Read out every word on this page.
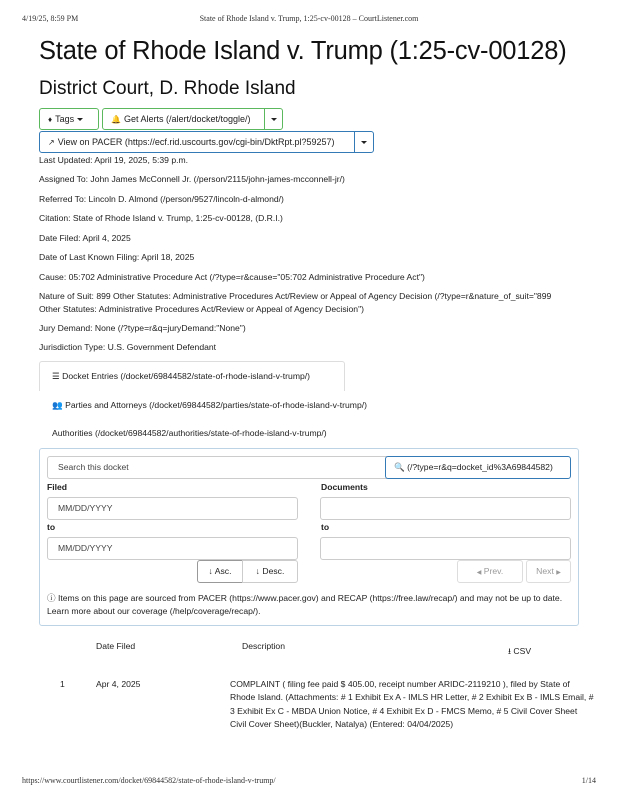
4/19/25, 8:59 PM	State of Rhode Island v. Trump, 1:25-cv-00128 – CourtListener.com
State of Rhode Island v. Trump (1:25-cv-00128)
District Court, D. Rhode Island
♦ Tags	🔔 Get Alerts (/alert/docket/toggle/)
↗ View on PACER (https://ecf.rid.uscourts.gov/cgi-bin/DktRpt.pl?59257)
Last Updated: April 19, 2025, 5:39 p.m.
Assigned To: John James McConnell Jr. (/person/2115/john-james-mcconnell-jr/)
Referred To: Lincoln D. Almond (/person/9527/lincoln-d-almond/)
Citation: State of Rhode Island v. Trump, 1:25-cv-00128, (D.R.I.)
Date Filed: April 4, 2025
Date of Last Known Filing: April 18, 2025
Cause: 05:702 Administrative Procedure Act (/?type=r&cause="05:702 Administrative Procedure Act")
Nature of Suit: 899 Other Statutes: Administrative Procedures Act/Review or Appeal of Agency Decision (/?type=r&nature_of_suit="899 Other Statutes: Administrative Procedures Act/Review or Appeal of Agency Decision")
Jury Demand: None (/?type=r&q=juryDemand:"None")
Jurisdiction Type: U.S. Government Defendant
☰ Docket Entries (/docket/69844582/state-of-rhode-island-v-trump/)
👥 Parties and Attorneys (/docket/69844582/parties/state-of-rhode-island-v-trump/)
Authorities (/docket/69844582/authorities/state-of-rhode-island-v-trump/)
Search this docket	🔍 (/?type=r&q=docket_id%3A69844582)
Filed	Documents
MM/DD/YYYY
to	to
MM/DD/YYYY
↓ Asc.	↓ Desc.	◀ Prev.	Next ▶
ⓘ Items on this page are sourced from PACER (https://www.pacer.gov) and RECAP (https://free.law/recap/) and may not be up to date. Learn more about our coverage (/help/coverage/recap/).
Date Filed	Description	⭳ CSV
1	Apr 4, 2025	COMPLAINT ( filing fee paid $ 405.00, receipt number ARIDC-2119210 ), filed by State of Rhode Island. (Attachments: # 1 Exhibit Ex A - IMLS HR Letter, # 2 Exhibit Ex B - IMLS Email, # 3 Exhibit Ex C - MBDA Union Notice, # 4 Exhibit Ex D - FMCS Memo, # 5 Civil Cover Sheet Civil Cover Sheet)(Buckler, Natalya) (Entered: 04/04/2025)
https://www.courtlistener.com/docket/69844582/state-of-rhode-island-v-trump/	1/14
